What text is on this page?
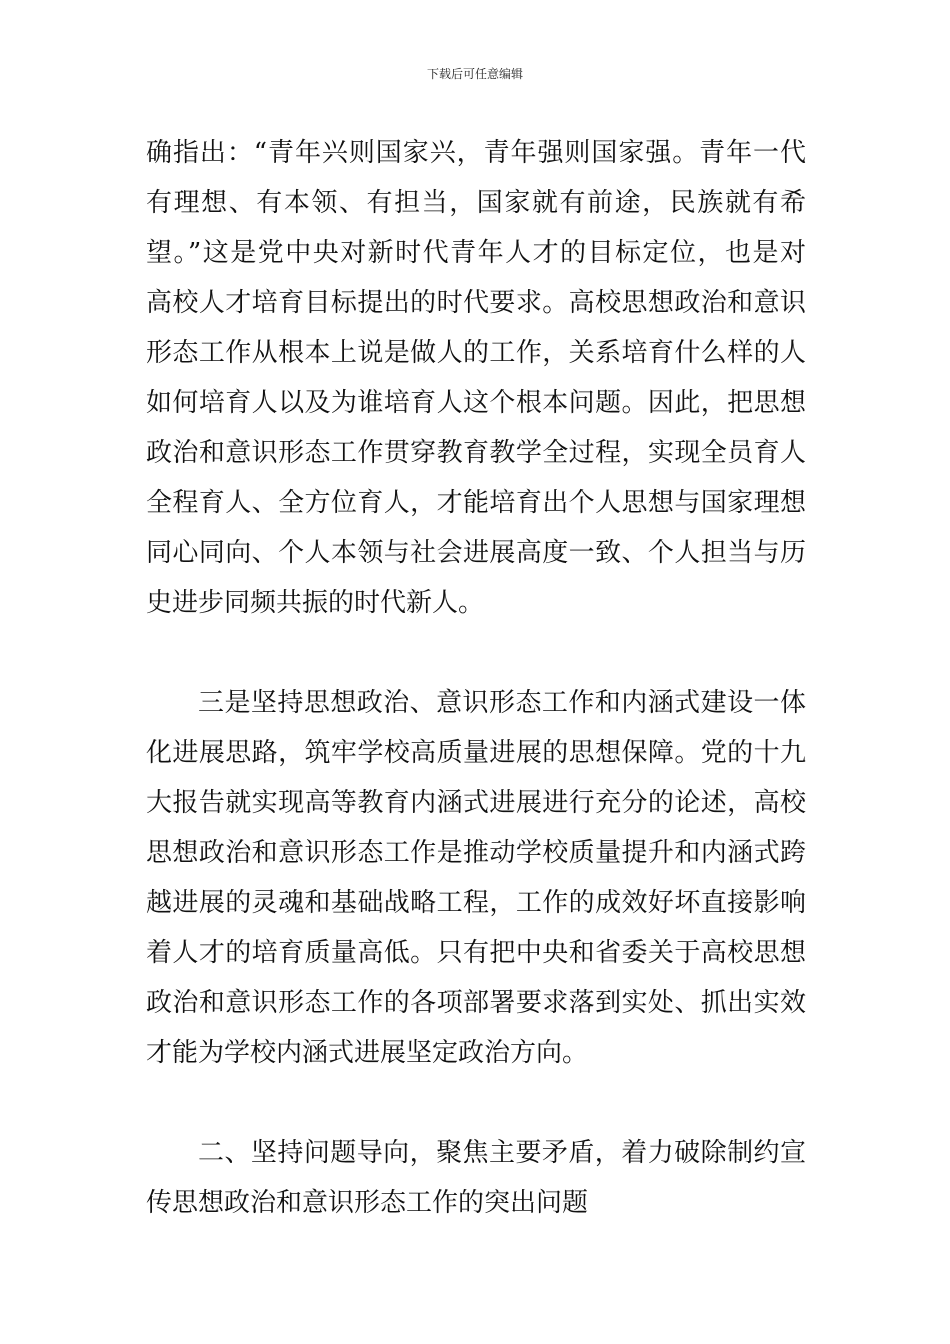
下载后可任意编辑
确指出：“青年兴则国家兴，青年强则国家强。青年一代
有理想、有本领、有担当，国家就有前途，民族就有希
望。”这是党中央对新时代青年人才的目标定位，也是对
高校人才培育目标提出的时代要求。高校思想政治和意识
形态工作从根本上说是做人的工作，关系培育什么样的人
如何培育人以及为谁培育人这个根本问题。因此，把思想
政治和意识形态工作贯穿教育教学全过程，实现全员育人
全程育人、全方位育人，才能培育出个人思想与国家理想
同心同向、个人本领与社会进展高度一致、个人担当与历
史进步同频共振的时代新人。
三是坚持思想政治、意识形态工作和内涵式建设一体
化进展思路，筑牢学校高质量进展的思想保障。党的十九
大报告就实现高等教育内涵式进展进行充分的论述，高校
思想政治和意识形态工作是推动学校质量提升和内涵式跨
越进展的灵魂和基础战略工程，工作的成效好坏直接影响
着人才的培育质量高低。只有把中央和省委关于高校思想
政治和意识形态工作的各项部署要求落到实处、抓出实效
才能为学校内涵式进展坚定政治方向。
二、坚持问题导向，聚焦主要矛盾，着力破除制约宣
传思想政治和意识形态工作的突出问题
